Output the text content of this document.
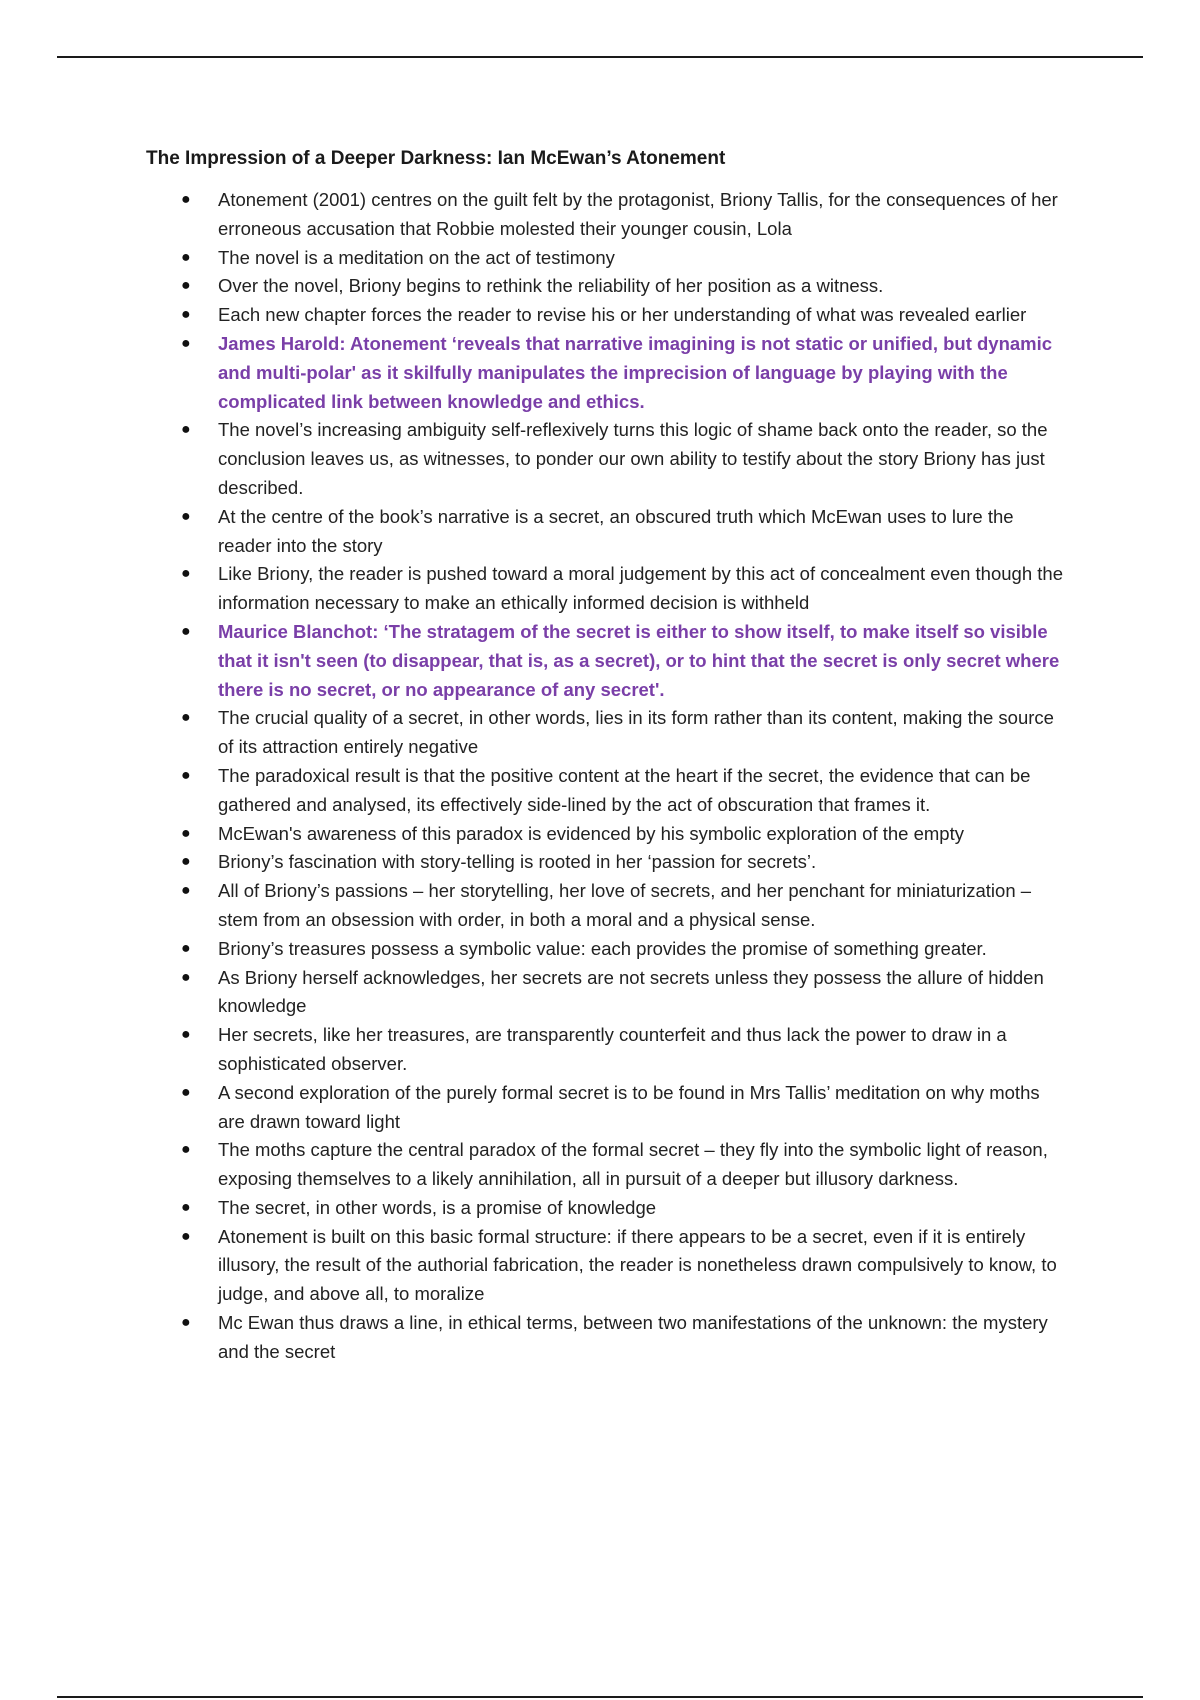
The Impression of a Deeper Darkness: Ian McEwan’s Atonement
● Atonement (2001) centres on the guilt felt by the protagonist, Briony Tallis, for the consequences of her erroneous accusation that Robbie molested their younger cousin, Lola
● The novel is a meditation on the act of testimony
● Over the novel, Briony begins to rethink the reliability of her position as a witness.
● Each new chapter forces the reader to revise his or her understanding of what was revealed earlier
● James Harold: Atonement ‘reveals that narrative imagining is not static or unified, but dynamic and multi-polar' as it skilfully manipulates the imprecision of language by playing with the complicated link between knowledge and ethics.
● The novel’s increasing ambiguity self-reflexively turns this logic of shame back onto the reader, so the conclusion leaves us, as witnesses, to ponder our own ability to testify about the story Briony has just described.
● At the centre of the book’s narrative is a secret, an obscured truth which McEwan uses to lure the reader into the story
● Like Briony, the reader is pushed toward a moral judgement by this act of concealment even though the information necessary to make an ethically informed decision is withheld
● Maurice Blanchot: ‘The stratagem of the secret is either to show itself, to make itself so visible that it isn't seen (to disappear, that is, as a secret), or to hint that the secret is only secret where there is no secret, or no appearance of any secret'.
● The crucial quality of a secret, in other words, lies in its form rather than its content, making the source of its attraction entirely negative
● The paradoxical result is that the positive content at the heart if the secret, the evidence that can be gathered and analysed, its effectively side-lined by the act of obscuration that frames it.
● McEwan's awareness of this paradox is evidenced by his symbolic exploration of the empty
● Briony’s fascination with story-telling is rooted in her ‘passion for secrets’.
● All of Briony’s passions – her storytelling, her love of secrets, and her penchant for miniaturization – stem from an obsession with order, in both a moral and a physical sense.
● Briony’s treasures possess a symbolic value: each provides the promise of something greater.
● As Briony herself acknowledges, her secrets are not secrets unless they possess the allure of hidden knowledge
● Her secrets, like her treasures, are transparently counterfeit and thus lack the power to draw in a sophisticated observer.
● A second exploration of the purely formal secret is to be found in Mrs Tallis’ meditation on why moths are drawn toward light
● The moths capture the central paradox of the formal secret – they fly into the symbolic light of reason, exposing themselves to a likely annihilation, all in pursuit of a deeper but illusory darkness.
● The secret, in other words, is a promise of knowledge
● Atonement is built on this basic formal structure: if there appears to be a secret, even if it is entirely illusory, the result of the authorial fabrication, the reader is nonetheless drawn compulsively to know, to judge, and above all, to moralize
● Mc Ewan thus draws a line, in ethical terms, between two manifestations of the unknown: the mystery and the secret
